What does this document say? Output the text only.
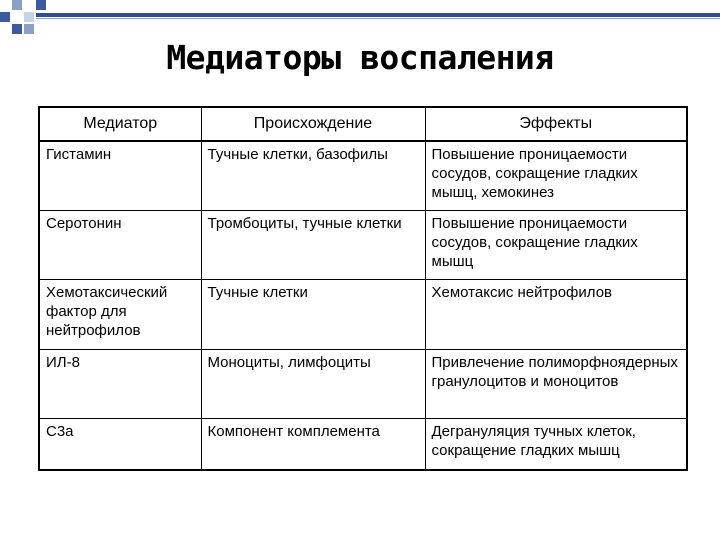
Медиаторы воспаления
Медиатор	Происхождение	Эффекты
Гистамин	Тучные клетки, базофилы	Повышение проницаемости сосудов, сокращение гладких мышц, хемокинез
Серотонин	Тромбоциты, тучные клетки	Повышение проницаемости сосудов, сокращение гладких мышц
Хемотаксический фактор для нейтрофилов	Тучные клетки	Хемотаксис нейтрофилов
ИЛ-8	Моноциты, лимфоциты	Привлечение полиморфноядерных гранулоцитов и моноцитов
С3а	Компонент комплемента	Дегрануляция тучных клеток, сокращение гладких мышц
